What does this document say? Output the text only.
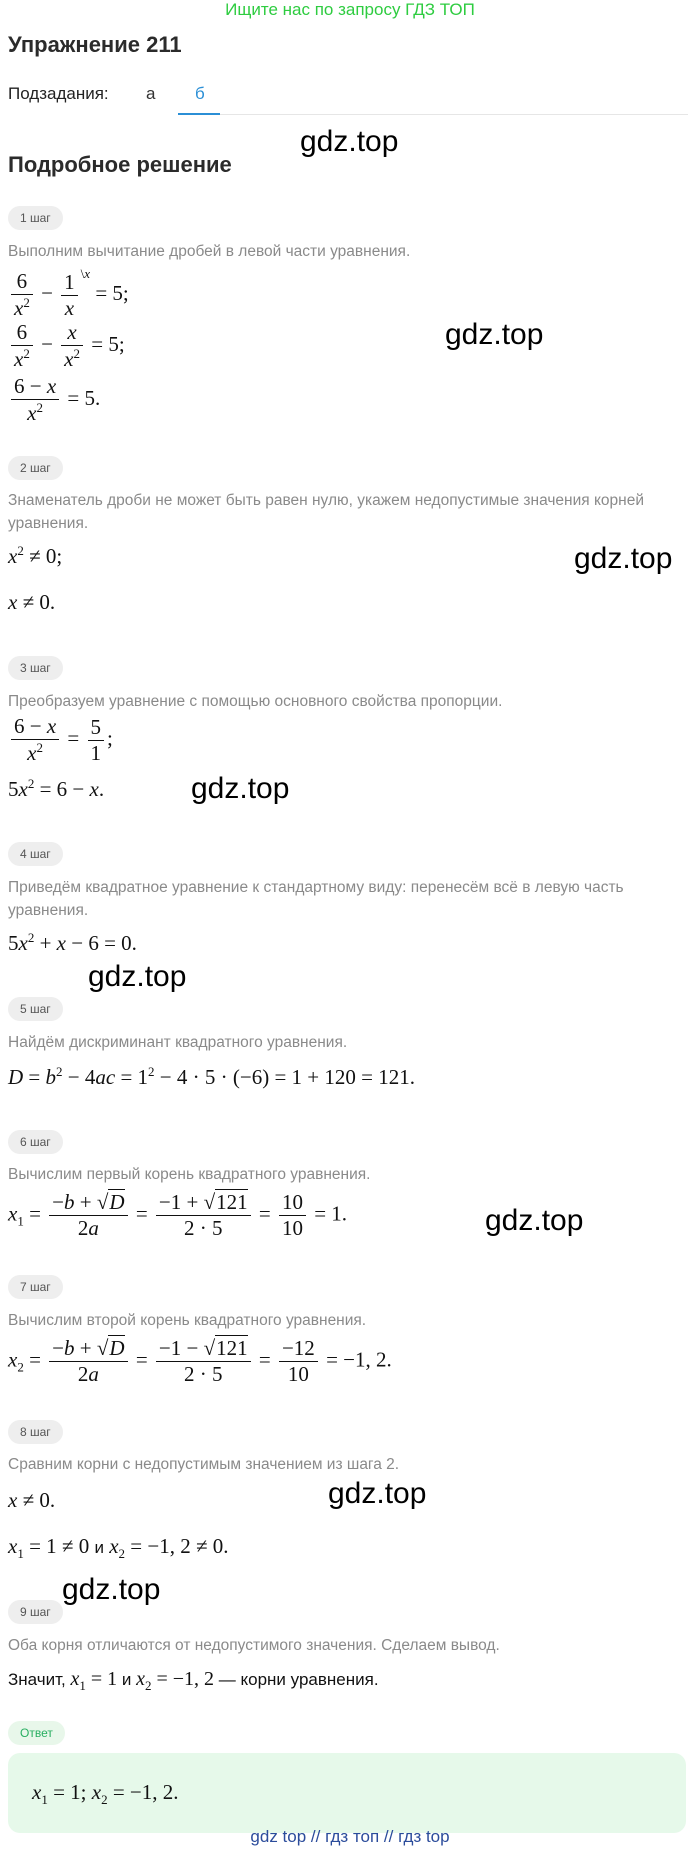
Ищите нас по запросу ГДЗ ТОП
Упражнение 211
Подзадания: а б
Подробное решение
gdz.top
gdz.top
gdz.top
gdz.top
gdz.top
gdz.top
gdz.top
gdz.top
1 шаг
Выполним вычитание дробей в левой части уравнения.
$\frac{6}{x^2} - \frac{1}{x} ^{\backslash x} = 5$;
$\frac{6}{x^2} - \frac{x}{x^2} = 5$;
$\frac{6 - x}{x^2} = 5$.
2 шаг
Знаменатель дроби не может быть равен нулю, укажем недопустимые значения корней уравнения.
$x^2 \ne 0$;
x ≠ 0.
3 шаг
Преобразуем уравнение с помощью основного свойства пропорции.
$\frac{6 - x}{x^2} = \frac{5}{1}$ ;
$5x^2 = 6 - x$.
4 шаг
Приведём квадратное уравнение к стандартному виду: перенесём всё в левую часть уравнения.
$5x^2 + x - 6 = 0$.
5 шаг
Найдём дискриминант квадратного уравнения.
$D = b^2 - 4ac = 1^2 - 4 \cdot 5 \cdot (-6) = 1 + 120 = 121$.
6 шаг
Вычислим первый корень квадратного уравнения.
$x_1 = \frac{-b + √D}{2a} = \frac{-1 + √121}{2 \cdot 5} = \frac{10}{10} = 1$.
7 шаг
Вычислим второй корень квадратного уравнения.
$x_2 = \frac{-b + √D}{2a} = \frac{-1 - √121}{2 \cdot 5} = \frac{-12}{10} = -1$, 2.
8 шаг
Сравним корни с недопустимым значением из шага 2.
x ≠ 0.
$x_1 = 1 \ne 0$ и $x_2 = -1$, 2 ≠ 0.
9 шаг
Оба корня отличаются от недопустимого значения. Сделаем вывод.
Значит, $x_1 = 1$ и $x_2 = -1$, 2 — корни уравнения.
Ответ
$x_1 = 1$; $x_2 = -1$, 2.
gdz top // гдз топ // гдз top
